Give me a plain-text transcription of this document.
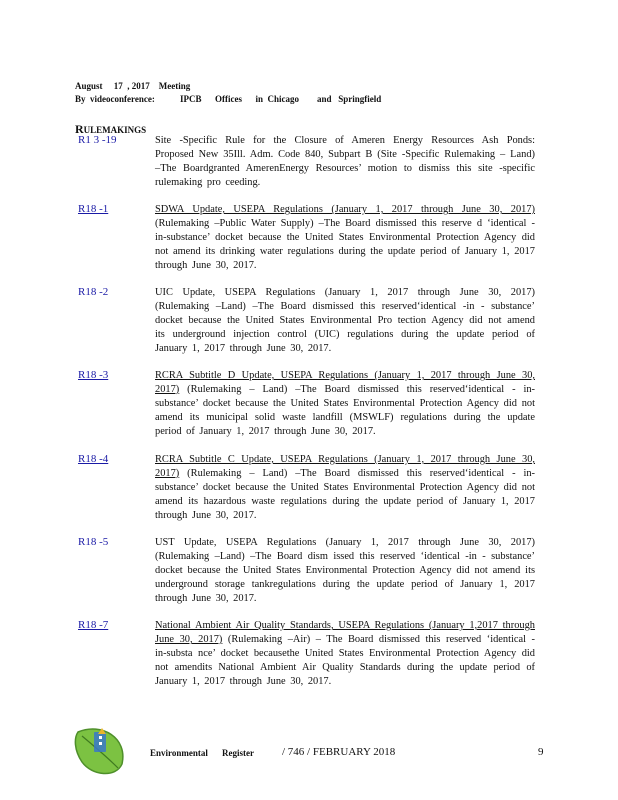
August     17  , 2017    Meeting
By  videoconference:	IPCB      Offices      in  Chicago        and   Springfield
RULEMAKINGS
R1 3 -19	Site -Specific Rule for the Closure of Ameren Energy Resources Ash Ponds: Proposed New 35Ill. Adm. Code 840, Subpart B (Site -Specific Rulemaking – Land) –The Boardgranted AmerenEnergy Resources’ motion to dismiss this site -specific rulemaking pro ceeding.
R18 -1	SDWA Update, USEPA Regulations (January 1, 2017 through June 30, 2017) (Rulemaking –Public Water Supply) –The Board dismissed this reserve d ‘identical -in-substance’ docket because the United States Environmental Protection Agency did not amend its drinking water regulations during the update period of January 1, 2017 through June 30, 2017.
R18 -2	UIC Update, USEPA Regulations (January 1, 2017 through June 30, 2017) (Rulemaking –Land) –The Board dismissed this reserved‘identical -in - substance’ docket because the United States Environmental Pro tection Agency did not amend its underground injection control (UIC) regulations during the update period of January 1, 2017 through June 30, 2017.
R18 -3	RCRA Subtitle D Update, USEPA Regulations (January 1, 2017 through June 30, 2017) (Rulemaking – Land) –The Board dismissed this reserved‘identical - in-substance’ docket because the United States Environmental Protection Agency did not amend its municipal solid waste landfill (MSWLF) regulations during the update period of January 1, 2017 through June 30, 2017.
R18 -4	RCRA Subtitle C Update, USEPA Regulations (January 1, 2017 through June 30, 2017) (Rulemaking – Land) –The Board dismissed this reserved‘identical - in-substance’ docket because the United States Environmental Protection Agency did not amend its hazardous waste regulations during the update period of January 1, 2017 through June 30, 2017.
R18 -5	UST Update, USEPA Regulations (January 1, 2017 through June 30, 2017) (Rulemaking –Land) –The Board dism issed this reserved ‘identical -in - substance’ docket because the United States Environmental Protection Agency did not amend its underground storage tankregulations during the update period of January 1, 2017 through June 30, 2017.
R18 -7	National Ambient Air Quality Standards, USEPA Regulations (January 1,2017 through June 30, 2017) (Rulemaking –Air) – The Board dismissed this reserved ‘identical -in-substa nce’ docket becausethe United States Environmental Protection Agency did not amendits National Ambient Air Quality Standards during the update period of January 1, 2017 through June 30, 2017.
Environmental Register	/ 746 / FEBRUARY 2018	9
